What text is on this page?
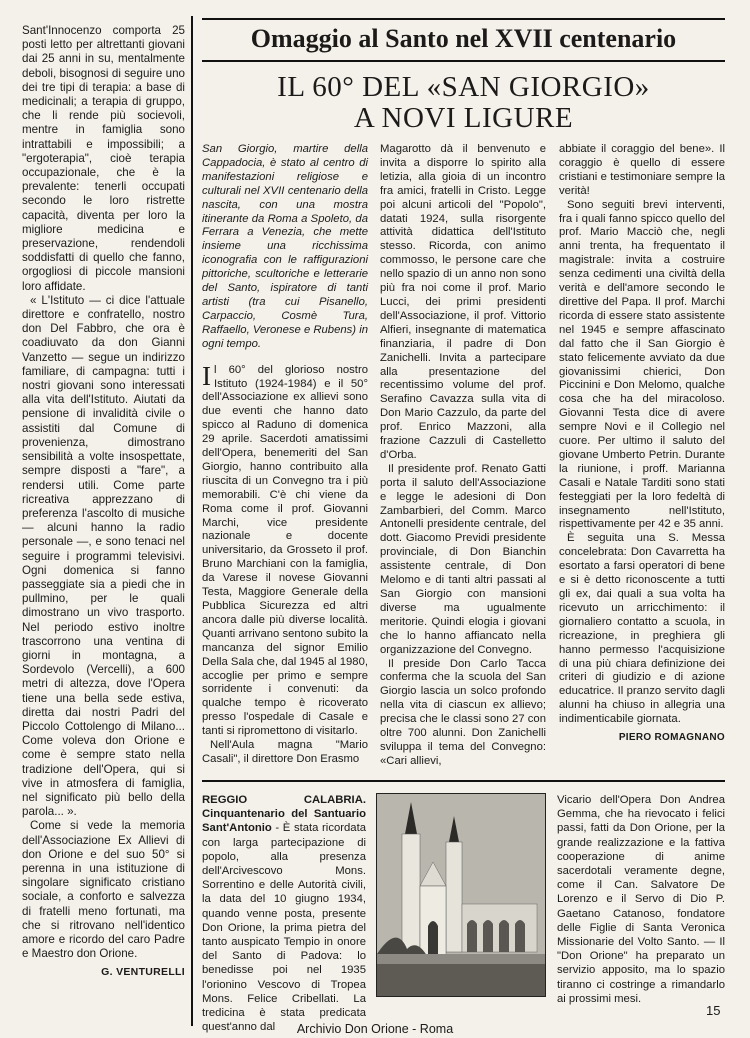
Sant'Innocenzo comporta 25 posti letto per altrettanti giovani dai 25 anni in su, mentalmente deboli, bisognosi di seguire uno dei tre tipi di terapia: a base di medicinali; a terapia di gruppo, che li rende più socievoli, mentre in famiglia sono intrattabili e impossibili; a "ergoterapia", cioè terapia occupazionale, che è la prevalente: tenerli occupati secondo le loro ristrette capacità, diventa per loro la migliore medicina e preservazione, rendendoli soddisfatti di quello che fanno, orgogliosi di piccole mansioni loro affidate.

« L'Istituto — ci dice l'attuale direttore e confratello, nostro don Del Fabbro, che ora è coadiuvato da don Gianni Vanzetto — segue un indirizzo familiare, di campagna: tutti i nostri giovani sono interessati alla vita dell'Istituto. Aiutati da pensione di invalidità civile o assistiti dal Comune di provenienza, dimostrano sensibilità a volte insospettate, sempre disposti a "fare", a rendersi utili. Come parte ricreativa apprezzano di preferenza l'ascolto di musiche — alcuni hanno la radio personale —, e sono tenaci nel seguire i programmi televisivi. Ogni domenica si fanno passeggiate sia a piedi che in pullmino, per le quali dimostrano un vivo trasporto. Nel periodo estivo inoltre trascorrono una ventina di giorni in montagna, a Sordevolo (Vercelli), a 600 metri di altezza, dove l'Opera tiene una bella sede estiva, diretta dai nostri Padri del Piccolo Cottolengo di Milano... Come voleva don Orione e come è sempre stato nella tradizione dell'Opera, qui si vive in atmosfera di famiglia, nel significato più bello della parola... ».

Come si vede la memoria dell'Associazione Ex Allievi di don Orione e del suo 50° si perenna in una istituzione di singolare significato cristiano sociale, a conforto e salvezza di fratelli meno fortunati, ma che si ritrovano nell'identico amore e ricordo del caro Padre e Maestro don Orione.

G. VENTURELLI
Omaggio al Santo nel XVII centenario
IL 60° DEL «SAN GIORGIO»
A NOVI LIGURE

San Giorgio, martire della Cappadocia, è stato al centro di manifestazioni religiose e culturali nel XVII centenario della nascita, con una mostra itinerante da Roma a Spoleto, da Ferrara a Venezia, che mette insieme una ricchissima iconografia con le raffigurazioni pittoriche, scultoriche e letterarie del Santo, ispiratore di tanti artisti (tra cui Pisanello, Carpaccio, Cosmè Tura, Raffaello, Veronese e Rubens) in ogni tempo.

Il 60° del glorioso nostro Istituto (1924-1984) e il 50° dell'Associazione ex allievi sono due eventi che hanno dato spicco al Raduno di domenica 29 aprile. Sacerdoti amatissimi dell'Opera, benemeriti del San Giorgio, hanno contribuito alla riuscita di un Convegno tra i più memorabili. C'è chi viene da Roma come il prof. Giovanni Marchi, vice presidente nazionale e docente universitario, da Grosseto il prof. Bruno Marchiani con la famiglia, da Varese il novese Giovanni Testa, Maggiore Generale della Pubblica Sicurezza ed altri ancora dalle più diverse località. Quanti arrivano sentono subito la mancanza del signor Emilio Della Sala che, dal 1945 al 1980, accoglie per primo e sempre sorridente i convenuti: da qualche tempo è ricoverato presso l'ospedale di Casale e tanti si ripromettono di visitarlo.

Nell'Aula magna "Mario Casali", il direttore Don Erasmo

Magarotto dà il benvenuto e invita a disporre lo spirito alla letizia, alla gioia di un incontro fra amici, fratelli in Cristo. Legge poi alcuni articoli del "Popolo", datati 1924, sulla risorgente attività didattica dell'Istituto stesso. Ricorda, con animo commosso, le persone care che nello spazio di un anno non sono più fra noi come il prof. Mario Lucci, dei primi presidenti dell'Associazione, il prof. Vittorio Alfieri, insegnante di matematica finanziaria, il padre di Don Zanichelli. Invita a partecipare alla presentazione del recentissimo volume del prof. Serafino Cavazza sulla vita di Don Mario Cazzulo, da parte del prof. Enrico Mazzoni, alla frazione Cazzuli di Castelletto d'Orba.

Il presidente prof. Renato Gatti porta il saluto dell'Associazione e legge le adesioni di Don Zambarbieri, del Comm. Marco Antonelli presidente centrale, del dott. Giacomo Previdi presidente provinciale, di Don Bianchin assistente centrale, di Don Melomo e di tanti altri passati al San Giorgio con mansioni diverse ma ugualmente meritorie. Quindi elogia i giovani che lo hanno affiancato nella organizzazione del Convegno.

Il preside Don Carlo Tacca conferma che la scuola del San Giorgio lascia un solco profondo nella vita di ciascun ex allievo; precisa che le classi sono 27 con oltre 700 alunni. Don Zanichelli sviluppa il tema del Convegno: «Cari allievi,

abbiate il coraggio del bene». Il coraggio è quello di essere cristiani e testimoniare sempre la verità!

Sono seguiti brevi interventi, fra i quali fanno spicco quello del prof. Mario Macciò che, negli anni trenta, ha frequentato il magistrale: invita a costruire senza cedimenti una civiltà della verità e dell'amore secondo le direttive del Papa. Il prof. Marchi ricorda di essere stato assistente nel 1945 e sempre affascinato dal fatto che il San Giorgio è stato felicemente avviato da due giovanissimi chierici, Don Piccinini e Don Melomo, qualche cosa che ha del miracoloso. Giovanni Testa dice di avere sempre Novi e il Collegio nel cuore. Per ultimo il saluto del giovane Umberto Petrin. Durante la riunione, i proff. Marianna Casali e Natale Tarditi sono stati festeggiati per la loro fedeltà di insegnamento nell'Istituto, rispettivamente per 42 e 35 anni.

È seguita una S. Messa concelebrata: Don Cavarretta ha esortato a farsi operatori di bene e si è detto riconoscente a tutti gli ex, dai quali a sua volta ha ricevuto un arricchimento: il giornaliero contatto a scuola, in ricreazione, in preghiera gli hanno permesso l'acquisizione di una più chiara definizione dei criteri di giudizio e di azione educatrice. Il pranzo servito dagli alunni ha chiuso in allegria una indimenticabile giornata.

PIERO ROMAGNANO

REGGIO CALABRIA. Cinquantenario del Santuario Sant'Antonio - È stata ricordata con larga partecipazione di popolo, alla presenza dell'Arcivescovo Mons. Sorrentino e delle Autorità civili, la data del 10 giugno 1934, quando venne posta, presente Don Orione, la prima pietra del tanto auspicato Tempio in onore del Santo di Padova: lo benedisse poi nel 1935 l'orionino Vescovo di Tropea Mons. Felice Cribellati. La tredicina è stata predicata quest'anno dal

Vicario dell'Opera Don Andrea Gemma, che ha rievocato i felici passi, fatti da Don Orione, per la grande realizzazione e la fattiva cooperazione di anime sacerdotali veramente degne, come il Can. Salvatore De Lorenzo e il Servo di Dio P. Gaetano Catanoso, fondatore delle Figlie di Santa Veronica Missionarie del Volto Santo. — Il "Don Orione" ha preparato un servizio apposito, ma lo spazio tiranno ci costringe a rimandarlo ai prossimi mesi.

15
Archivio Don Orione - Roma
